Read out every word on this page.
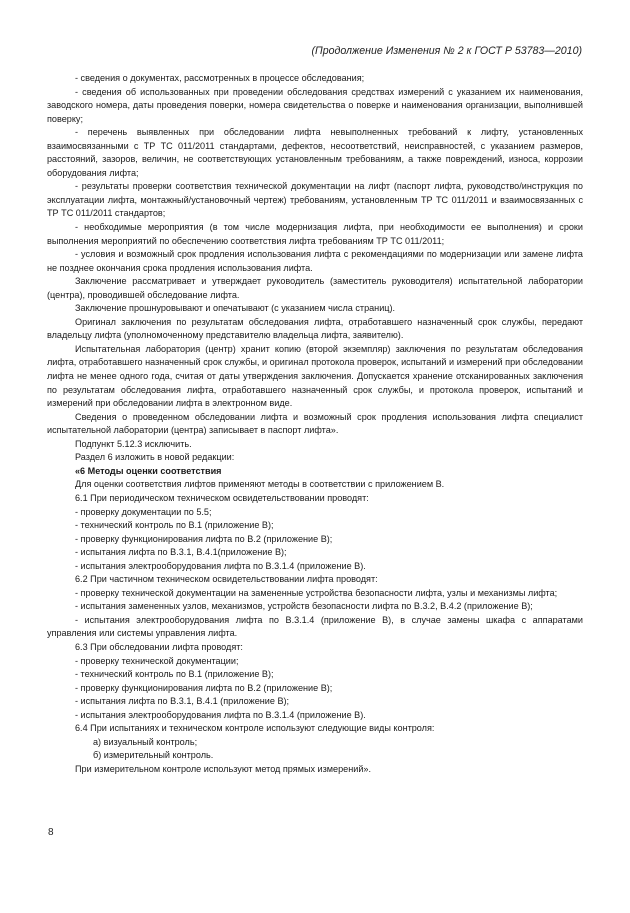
(Продолжение Изменения № 2 к ГОСТ Р 53783—2010)

- сведения о документах, рассмотренных в процессе обследования;

- сведения об использованных при проведении обследования средствах измерений с указанием их наименования, заводского номера, даты проведения поверки, номера свидетельства о поверке и наименования организации, выполнившей поверку;

- перечень выявленных при обследовании лифта невыполненных требований к лифту, установленных взаимосвязанными с ТР ТС 011/2011 стандартами, дефектов, несоответствий, неисправностей, с указанием размеров, расстояний, зазоров, величин, не соответствующих установленным требованиям, а также повреждений, износа, коррозии оборудования лифта;

- результаты проверки соответствия технической документации на лифт (паспорт лифта, руководство/инструкция по эксплуатации лифта, монтажный/установочный чертеж) требованиям, установленным ТР ТС 011/2011 и взаимосвязанных с ТР ТС 011/2011 стандартов;

- необходимые мероприятия (в том числе модернизация лифта, при необходимости ее выполнения) и сроки выполнения мероприятий по обеспечению соответствия лифта требованиям ТР ТС 011/2011;

- условия и возможный срок продления использования лифта с рекомендациями по модернизации или замене лифта не позднее окончания срока продления использования лифта.

Заключение рассматривает и утверждает руководитель (заместитель руководителя) испытательной лаборатории (центра), проводившей обследование лифта.

Заключение прошнуровывают и опечатывают (с указанием числа страниц).

Оригинал заключения по результатам обследования лифта, отработавшего назначенный срок службы, передают владельцу лифта (уполномоченному представителю владельца лифта, заявителю).

Испытательная лаборатория (центр) хранит копию (второй экземпляр) заключения по результатам обследования лифта, отработавшего назначенный срок службы, и оригинал протокола проверок, испытаний и измерений при обследовании лифта не менее одного года, считая от даты утверждения заключения. Допускается хранение отсканированных заключения по результатам обследования лифта, отработавшего назначенный срок службы, и протокола проверок, испытаний и измерений при обследовании лифта в электронном виде.

Сведения о проведенном обследовании лифта и возможный срок продления использования лифта специалист испытательной лаборатории (центра) записывает в паспорт лифта».

Подпункт 5.12.3 исключить.

Раздел 6 изложить в новой редакции:

«6 Методы оценки соответствия

Для оценки соответствия лифтов применяют методы в соответствии с приложением В.

6.1 При периодическом техническом освидетельствовании проводят:

- проверку документации по 5.5;

- технический контроль по В.1 (приложение В);

- проверку функционирования лифта по В.2 (приложение В);

- испытания лифта по В.3.1, В.4.1(приложение В);

- испытания электрооборудования лифта по В.3.1.4 (приложение В).

6.2 При частичном техническом освидетельствовании лифта проводят:

- проверку технической документации на замененные устройства безопасности лифта, узлы и механизмы лифта;

- испытания замененных узлов, механизмов, устройств безопасности лифта по В.3.2, В.4.2 (приложение В);

- испытания электрооборудования лифта по В.3.1.4 (приложение В), в случае замены шкафа с аппаратами управления или системы управления лифта.

6.3 При обследовании лифта проводят:

- проверку технической документации;

- технический контроль по В.1 (приложение В);

- проверку функционирования лифта по В.2 (приложение В);

- испытания лифта по В.3.1, В.4.1 (приложение В);

- испытания электрооборудования лифта по В.3.1.4 (приложение В).

6.4 При испытаниях и техническом контроле используют следующие виды контроля:

а) визуальный контроль;

б) измерительный контроль.

При измерительном контроле используют метод прямых измерений».

8
